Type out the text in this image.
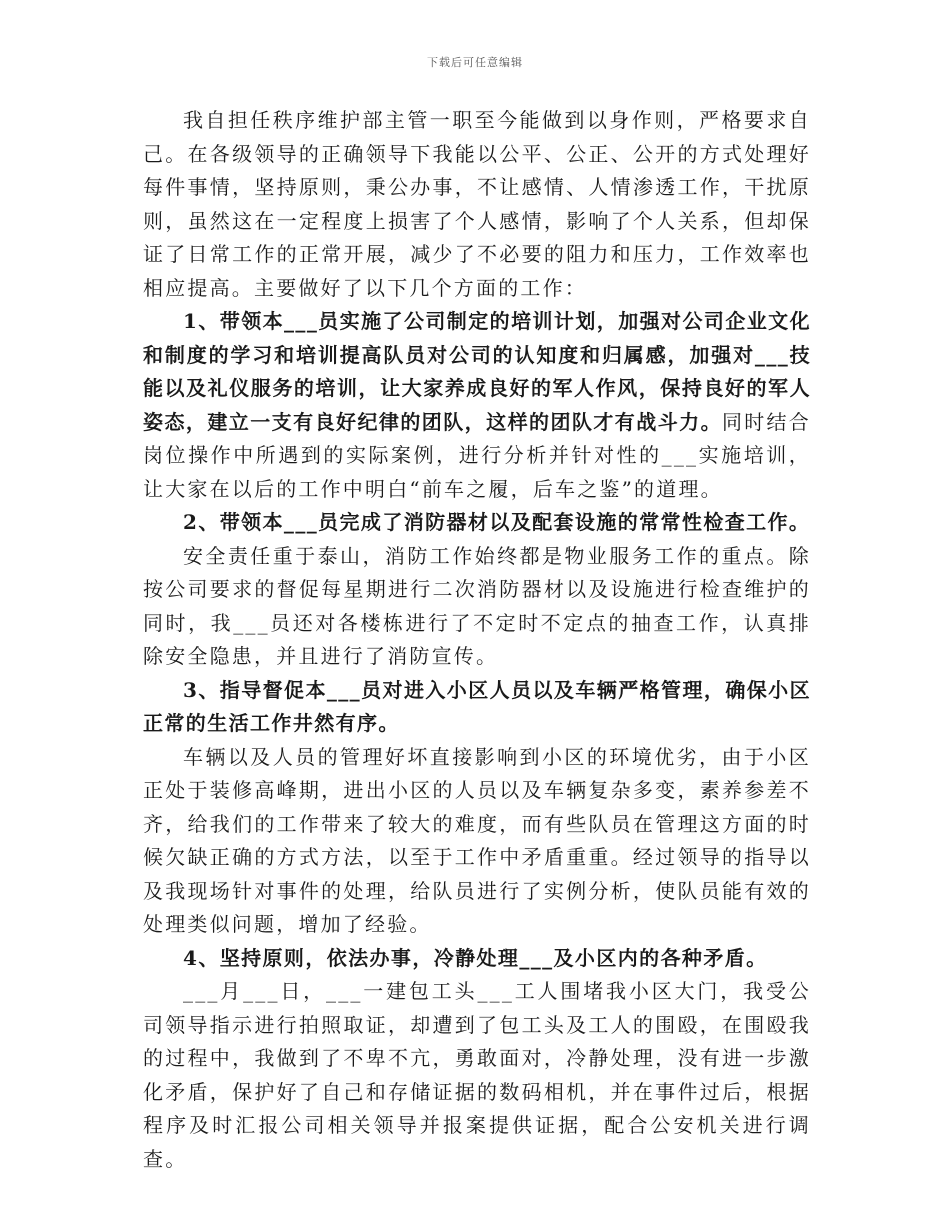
下载后可任意编辑

我自担任秩序维护部主管一职至今能做到以身作则，严格要求自己。在各级领导的正确领导下我能以公平、公正、公开的方式处理好每件事情，坚持原则，秉公办事，不让感情、人情渗透工作，干扰原则，虽然这在一定程度上损害了个人感情，影响了个人关系，但却保证了日常工作的正常开展，减少了不必要的阻力和压力，工作效率也相应提高。主要做好了以下几个方面的工作：

1、带领本___员实施了公司制定的培训计划，加强对公司企业文化和制度的学习和培训提高队员对公司的认知度和归属感，加强对___技能以及礼仪服务的培训，让大家养成良好的军人作风，保持良好的军人姿态，建立一支有良好纪律的团队，这样的团队才有战斗力。同时结合岗位操作中所遇到的实际案例，进行分析并针对性的___实施培训，让大家在以后的工作中明白“前车之履，后车之鉴”的道理。

2、带领本___员完成了消防器材以及配套设施的常常性检查工作。

安全责任重于泰山，消防工作始终都是物业服务工作的重点。除按公司要求的督促每星期进行二次消防器材以及设施进行检查维护的同时，我___员还对各楼栋进行了不定时不定点的抽查工作，认真排除安全隐患，并且进行了消防宣传。

3、指导督促本___员对进入小区人员以及车辆严格管理，确保小区正常的生活工作井然有序。

车辆以及人员的管理好坏直接影响到小区的环境优劣，由于小区正处于装修高峰期，进出小区的人员以及车辆复杂多变，素养参差不齐，给我们的工作带来了较大的难度，而有些队员在管理这方面的时候欠缺正确的方式方法，以至于工作中矛盾重重。经过领导的指导以及我现场针对事件的处理，给队员进行了实例分析，使队员能有效的处理类似问题，增加了经验。

4、坚持原则，依法办事，冷静处理___及小区内的各种矛盾。

___月___日，___一建包工头___工人围堵我小区大门，我受公司领导指示进行拍照取证，却遭到了包工头及工人的围殴，在围殴我的过程中，我做到了不卑不亢，勇敢面对，冷静处理，没有进一步激化矛盾，保护好了自己和存储证据的数码相机，并在事件过后，根据程序及时汇报公司相关领导并报案提供证据，配合公安机关进行调查。
